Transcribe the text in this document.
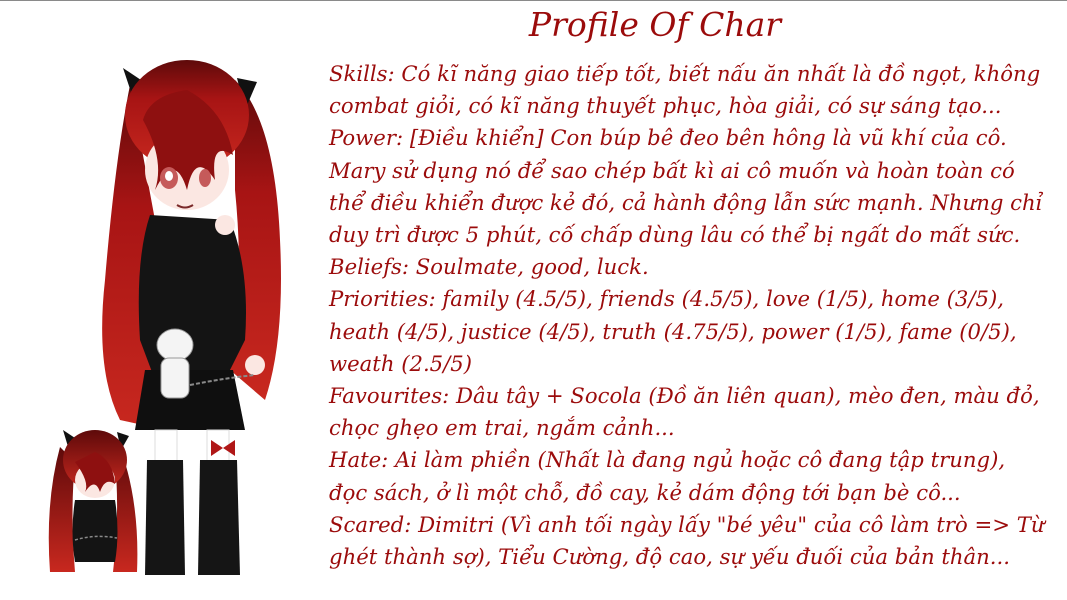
Profile Of Char
Skills: Có kĩ năng giao tiếp tốt, biết nấu ăn nhất là đồ ngọt, không
combat giỏi, có kĩ năng thuyết phục, hòa giải, có sự sáng tạo...
Power: [Điều khiển] Con búp bê đeo bên hông là vũ khí của cô.
Mary sử dụng nó để sao chép bất kì ai cô muốn và hoàn toàn có
thể điều khiển được kẻ đó, cả hành động lẫn sức mạnh. Nhưng chỉ
duy trì được 5 phút, cố chấp dùng lâu có thể bị ngất do mất sức.
Beliefs: Soulmate, good, luck.
Priorities: family (4.5/5), friends (4.5/5), love (1/5), home (3/5),
heath (4/5), justice (4/5), truth (4.75/5), power (1/5), fame (0/5),
weath (2.5/5)
Favourites: Dâu tây + Socola (Đồ ăn liên quan), mèo đen, màu đỏ,
chọc ghẹo em trai, ngắm cảnh...
Hate: Ai làm phiền (Nhất là đang ngủ hoặc cô đang tập trung),
đọc sách, ở lì một chỗ, đồ cay, kẻ dám động tới bạn bè cô...
Scared: Dimitri (Vì anh tối ngày lấy "bé yêu" của cô làm trò => Từ
ghét thành sợ), Tiểu Cường, độ cao, sự yếu đuối của bản thân...
